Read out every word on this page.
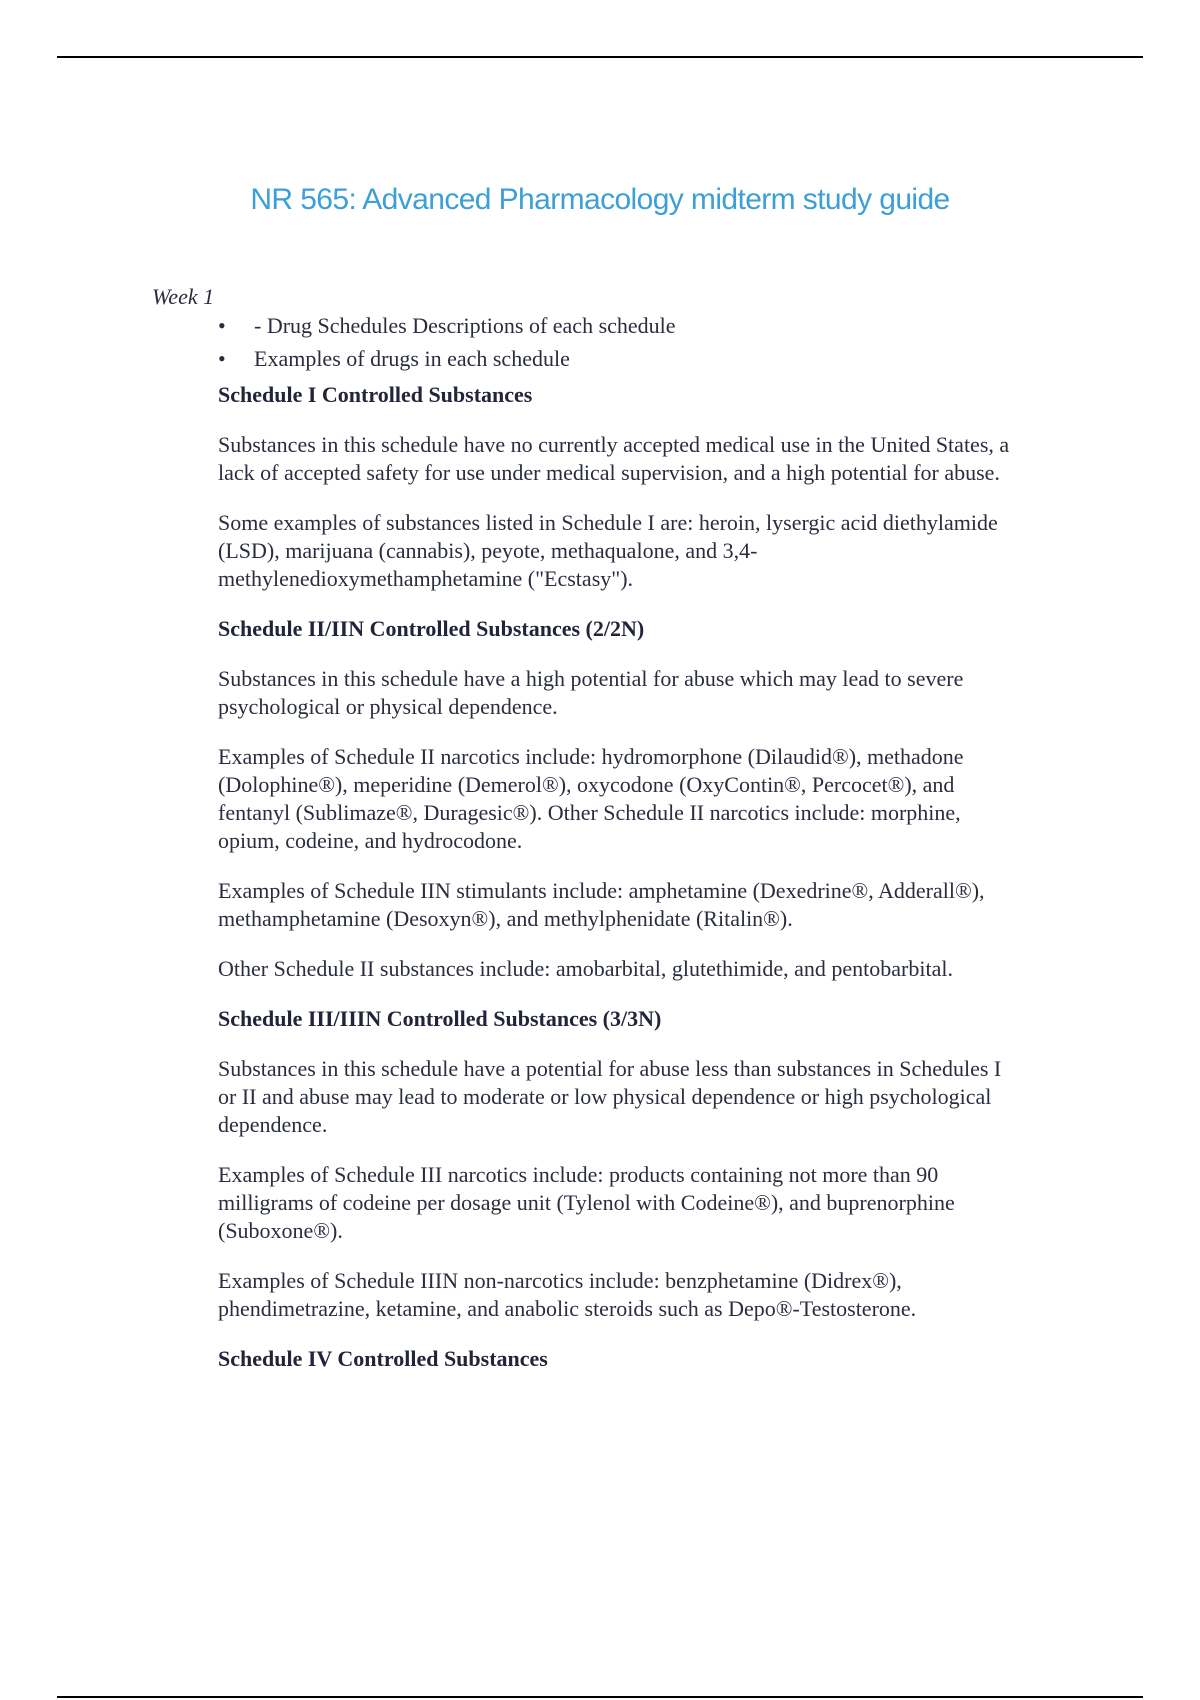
NR 565: Advanced Pharmacology midterm study guide
Week 1
• - Drug Schedules Descriptions of each schedule
• Examples of drugs in each schedule
Schedule I Controlled Substances

Substances in this schedule have no currently accepted medical use in the United States, a lack of accepted safety for use under medical supervision, and a high potential for abuse.

Some examples of substances listed in Schedule I are: heroin, lysergic acid diethylamide (LSD), marijuana (cannabis), peyote, methaqualone, and 3,4-methylenedioxymethamphetamine ("Ecstasy").

Schedule II/IIN Controlled Substances (2/2N)

Substances in this schedule have a high potential for abuse which may lead to severe psychological or physical dependence.

Examples of Schedule II narcotics include: hydromorphone (Dilaudid®), methadone (Dolophine®), meperidine (Demerol®), oxycodone (OxyContin®, Percocet®), and fentanyl (Sublimaze®, Duragesic®). Other Schedule II narcotics include: morphine, opium, codeine, and hydrocodone.

Examples of Schedule IIN stimulants include: amphetamine (Dexedrine®, Adderall®), methamphetamine (Desoxyn®), and methylphenidate (Ritalin®).

Other Schedule II substances include: amobarbital, glutethimide, and pentobarbital.

Schedule III/IIIN Controlled Substances (3/3N)

Substances in this schedule have a potential for abuse less than substances in Schedules I or II and abuse may lead to moderate or low physical dependence or high psychological dependence.

Examples of Schedule III narcotics include: products containing not more than 90 milligrams of codeine per dosage unit (Tylenol with Codeine®), and buprenorphine (Suboxone®).

Examples of Schedule IIIN non-narcotics include: benzphetamine (Didrex®), phendimetrazine, ketamine, and anabolic steroids such as Depo®-Testosterone.

Schedule IV Controlled Substances
